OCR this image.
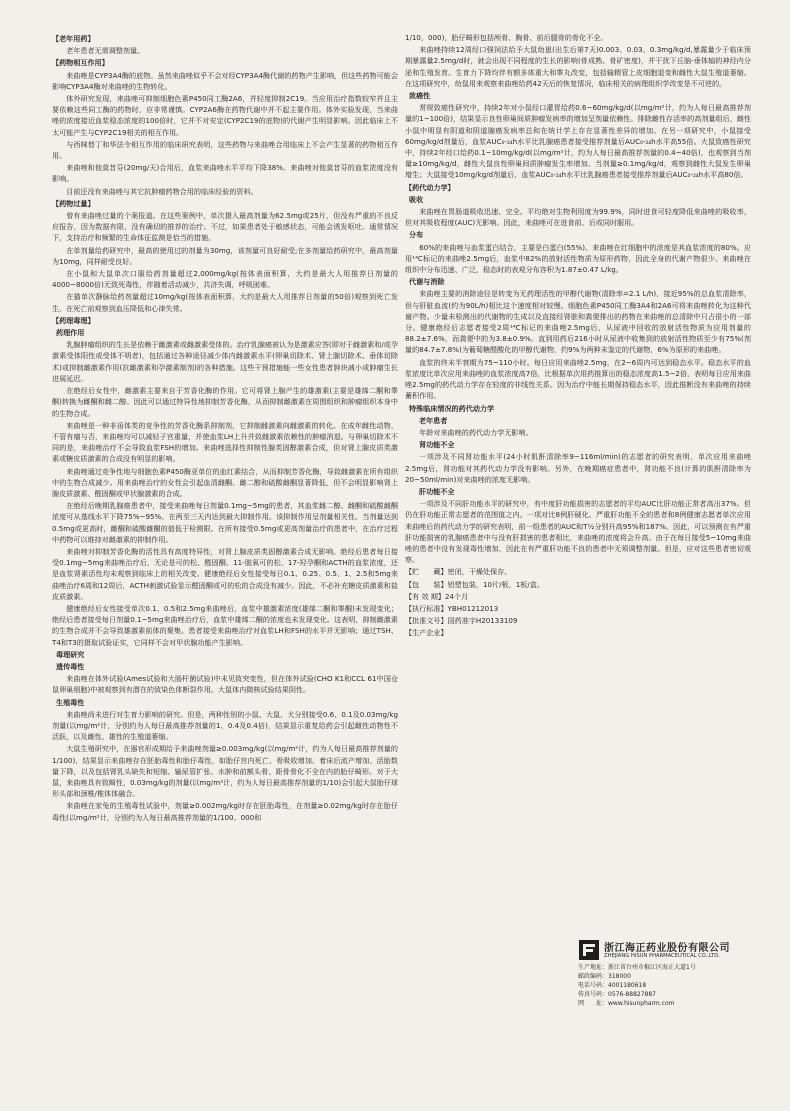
【老年用药】
老年患者无需调整剂量。
【药物相互作用】
来曲唑是CYP3A4酶的底物。虽然来曲唑似乎不会对经CYP3A4酶代谢的药物产生影响，但这些药物可能会影响CYP3A4酶对来曲唑的生物转化。
体外研究发现，来曲唑可抑制细胞色素P450同工酶2A6，并轻度抑制2C19。当应用治疗指数较窄并且主要依赖这些同工酶的药物时，应非常谨慎。CYP2A6酶在药物代谢中并不起主要作用。体外实验发现，当来曲唑的浓度接近血浆稳态浓度的100倍时，它并不对安定(CYP2C19的底物)的代谢产生明显影响。因此临床上不太可能产生与CYP2C19相关的相互作用。
与西咪替丁和华法令相互作用的临床研究表明，这些药物与来曲唑合用临床上不会产生显著的药物相互作用。
来曲唑和他莫昔芬(20mg/天)合用后，血浆来曲唑水平平均下降38%。来曲唑对他莫昔芬的血浆浓度没有影响。
目前还没有来曲唑与其它抗肿瘤药物合用的临床经验的资料。
【药物过量】
曾有来曲唑过量的个案报道。在这些案例中，单次摄入最高剂量为62.5mg或25片，但没有严重的不良反应报告，因为数据有限，没有确切的推荐的治疗。不过，如果患者处于敏感状态，可能会诱发呕吐。通常情况下，支持治疗和频繁的生命体征监测是恰当的措施。
在单剂量给药研究中，最高的使用过的剂量为30mg，该剂量可良好耐受;在多剂量给药研究中，最高剂量为10mg，同样耐受良好。
在小鼠和大鼠单次口服给药剂量超过2,000mg/kg(按体表面积算，大约是最大人用推荐日剂量的4000~8000倍)无致死毒性，伴随着活动减少，共济失调，呼吸困难。
在猫单次静脉给药剂量超过10mg/kg(按体表面积算，大约是最大人用推荐日剂量的50倍)观察到死亡发生，在死亡前观察到血压降低和心律失常。
【药理毒理】
药理作用
乳腺肿瘤组织的生长是依赖于雌激素或雌激素受体的。治疗乳腺癌被认为是激素应答(即对于雌激素和/或孕激素受体阳性或受体不明者)，包括通过各种途径减少体内雌激素水平(卵巢切除术、肾上腺切除术、垂体切除术)或抑制雌激素作用(抗雌激素和孕激素制剂)的各种措施。这些干预措施能一些女性患者肿块减小或肿瘤生长进展延迟。
在绝经后女性中，雌激素主要来自于芳香化酶的作用。它可将肾上腺产生的雄激素(主要是雄烯二酮和睾酮)转换为雌酮和雌二醇。因此可以通过特异性地抑制芳香化酶，从而抑制雌激素在周围组织和肿瘤组织本身中的生物合成。
来曲唑是一种非甾体类的竞争性的芳香化酶系抑制剂，它抑制雌激素向雌激素的转化。在成年雌性动物，不管有瘤与否，来曲唑均可以减轻子宫重量，并使血浆LH上升并致雌激素依赖性的肿瘤消退。与卵巢切除术不同的是，来曲唑治疗不会导致血浆FSH的增加。来曲唑选择性抑制性腺类固醇激素合成，但对肾上腺皮质类激素或糖皮质激素的合成没有明显的影响。
来曲唑通过竞争性地与细胞色素P450酶亚单位的血红素结合，从而抑制芳香化酶，导致雌激素在所有组织中的生物合成减少。用来曲唑治疗的女性会引起血清雌酮、雌二醇和硫酸雌酮显著降低，但不会明显影响肾上腺皮质激素、醛固酮或甲状腺激素的合成。
在绝经后晚期乳腺癌患者中，接受来曲唑每日剂量0.1mg~5mg的患者，其血浆雌二醇、雌酮和硫酸雌酮浓度可从基线水平下降75%~95%。在两至三天内达到最大抑制作用。该抑制作用呈剂量相关性。当剂量达到0.5mg或更高时，雌酮和硫酸雌酮的值低于检测限。在所有接受0.5mg或更高剂量治疗的患者中，在治疗过程中药物可以维持对雌激素的抑制作用。
来曲唑对抑制芳香化酶的活性具有高度特异性，对肾上腺皮质类固醇激素合成无影响。绝经后患者每日接受0.1mg~5mg来曲唑治疗后，无论是可的松、醛固酮、11-脱氧可的松、17-羟孕酮和ACTH的血浆浓度，还是血浆肾素活性均未观察到临床上的相关改变。健康绝经后女性接受每日0.1、0.25、0.5、1、2.5和5mg来曲唑治疗6周和12周后，ACTH刺激试验显示醛固酮或可的松的合成没有减少。因此，不必补充糖皮质激素和盐皮质激素。
健康绝经后女性接受单次0.1、0.5和2.5mg来曲唑后，血浆中雄激素浓度(雄烯二酮和睾酮)未发现变化；绝经后患者接受每日剂量0.1~5mg来曲唑治疗后，血浆中雄烯二酮的浓度也未发现变化。这表明，抑制雌激素的生物合成并不会导致雄激素前体的聚集。患者接受来曲唑治疗对血浆LH和FSH的水平并无影响；通过TSH、T4和T3的摄取试验证实，它同样不会对甲状腺功能产生影响。
毒理研究
遗传毒性
来曲唑在体外试验(Ames试验和大肠杆菌试验)中未见致突变性，但在体外试验(CHO K1和CCL 61中国仓鼠卵巢细胞)中被观察到有潜在的致染色体断裂作用。大鼠体内微核试验结果阴性。
生殖毒性
来曲唑尚未进行对生育力影响的研究。但是，两种性别的小鼠、大鼠、犬分别接受0.6、0.1及0.03mg/kg剂量(以mg/m²计，分别约为人每日最高推荐剂量的1、0.4及0.4倍)，结果显示重复给药会引起雌性动物性不活跃，以及雌性、雄性的生殖道萎缩。
大鼠生殖研究中，在器官形成期给予来曲唑剂量≥0.003mg/kg(以mg/m²计，约为人每日最高推荐剂量的1/100)，结果显示来曲唑存在胚胎毒性和胎仔毒性，如胎仔宫内死亡、骨吸收增加、着床后流产增加、活胎数量下降，以及包括肾乳头缺失和短缩、输尿管扩张、水肿和前额头骨、距骨骨化不全在内的胎仔畸形。对于大鼠，来曲唑具有致畸性，0.03mg/kg的剂量(以mg/m²计，约为人每日最高推荐剂量的1/10)会引起大鼠胎仔球形头部和颈椎/椎体体融合。
来曲唑在家兔的生殖毒性试验中，剂量≥0.002mg/kg时存在胚胎毒性，在剂量≥0.02mg/kg时存在胎仔毒性(以mg/m²计，分别约为人每日最高推荐剂量的1/100、000和
1/10，000)，胎仔畸形包括颅骨、胸骨、前后腿骨的骨化不全。
来曲唑持续12周经口强饲法给予大鼠幼崽(出生后第7天)0.003、0.03、0.3mg/kg/d,暴露量少于临床预期暴露量2.5mg/d时，就会出现不同程度的生长的影响(骨成熟、骨矿密度)，并干扰下丘脑-垂体轴的神经内分泌和生殖发育。生育力下降均伴有额多体重大和睾丸改变，包括输精管上皮细胞退变和雌性大鼠生殖道萎缩。在这项研究中，幼鼠用来观察来曲唑给药42天后的恢复情况，临床相关的病理组织学改变是不可逆的。
致癌性
常规致癌性研究中，持续2年对小鼠经口灌胃给药0.6~60mg/kg/d(以mg/m²计，约为人每日最高推荐剂量的1~100倍)，结果显示良性卵巢间质肿瘤发病率的增加呈剂量依赖性。排除雌性存活率的高剂量组后，雌性小鼠中明显有阴道和阴道腺癌发病率总和在统计学上存在显著性差异的增加。在另一项研究中，小鼠接受60mg/kg/d剂量后，血浆AUC₀-₂₄h水平比乳腺癌患者接受推荐剂量后AUC₀-₂₄h水平高55倍。大鼠致癌性研究中，持续2年经口给药0.1~10mg/kg/d(以mg/m²计，约为人每日最高推荐剂量的0.4~40倍)，也观察到当剂量≥10mg/kg/d，雌性大鼠良性卵巢间质肿瘤发生率增加。当剂量≥0.1mg/kg/d，观察到雌性大鼠发生卵巢增生；大鼠接受10mg/kg/d剂量后，血浆AUC₀-₂₄h水平比乳腺癌患者接受推荐剂量后AUC₀-₂₄h水平高80倍。
【药代动力学】
吸收
来曲唑在胃肠道吸收迅速、完全。平均绝对生物利用度为99.9%，同时进食可轻度降低来曲唑的吸收率，但对其吸收程度(AUC)无影响。因此，来曲唑可在进食前、后或同时服用。
分布
60%的来曲唑与血浆蛋白结合，主要是白蛋白(55%)。来曲唑在红细胞中的浓度是其血浆浓度的80%。应用¹⁴C标记的来曲唑2.5mg后，血浆中82%的放射活性物质为原形药物，因此全身的代谢产物很少。来曲唑在组织中分布迅速、广泛，稳态时的表观分布容积为1.87±0.47 L/kg。
代谢与消除
来曲唑主要的消除途径是转变为无药理活性的甲醇代谢物(清除率=2.1 L/h)，接近95%的总血浆清除率，但与肝脏血流(约为90L/h)相比这个速度相对较慢。细胞色素P450同工酶3A4和2A6可将来曲唑转化为这种代谢产物。少量未检测出的代谢物的生成以及直接经肾脏和粪便排出的药物在来曲唑的总清除中只占很小的一部分。健康绝经后志愿者接受2周¹⁴C标记的来曲唑2.5mg后，从尿液中回收的放射活性物质为应用剂量的88.2±7.6%，而粪便中的为3.8±0.9%。直到用药后216小时从尿液中收集到的放射活性物质至少有75%(剂量的84.7±7.8%)为葡萄糖醛酸化的甲醇代谢物，约9%为两种未鉴定的代谢物，6%为原形的来曲唑。
血浆的终末半衰期为75~110小时。每日应用来曲唑2.5mg，在2~6周内可达到稳态水平。稳态水平的血浆浓度比单次应用来曲唑的血浆浓度高7倍，比根据单次用药推算出的稳态浓度高1.5~2倍，表明每日应用来曲唑2.5mg的药代动力学存在轻度的非线性关系。因为治疗中能长期保持稳态水平，因此推断没有来曲唑的持续蓄积作用。
特殊临床情况的药代动力学
老年患者
年龄对来曲唑的药代动力学无影响。
肾功能不全
一项涉及不同肾功能水平(24小时肌酐清除率9~116ml/min)的志愿者的研究表明，单次应用来曲唑2.5mg后，肾功能对其药代动力学没有影响。另外，在晚期癌症患者中，肾功能不良(计算的肌酐清除率为20~50ml/min)对来曲唑的浓度无影响。
肝功能不全
一项涉及不同肝功能水平的研究中，有中度肝功能损害的志愿者的平均AUC比肝功能正常者高出37%。但仍在肝功能正常志愿者的范围值之内。一项对比8例肝硬化、严重肝功能不全的患者和8例健康志愿者单次应用来曲唑后的药代动力学的研究表明，前一组患者的AUC和T½分别升高95%和187%。因此，可以预测在有严重肝功能损害的乳腺癌患者中与没有肝损害的患者相比，来曲唑的浓度将会升高。由于在每日接受5~10mg来曲唑的患者中没有发现毒性增加，因此在有严重肝功能不良的患者中无须调整剂量。但是，应对这些患者密切观察。
【贮　　藏】密闭，干燥处保存。
【包　　装】铝塑包装，10片/板，1板/盒。
【有 效 期】24个月
【执行标准】YBH01212013
【批准文号】国药准字H20133109
【生产企业】
浙江海正药业股份有限公司
ZHEJIANG HISUN PHARMACEUTICAL CO.,LTD.
生产地址：浙江省台州市椒江区海正大道1号
邮政编码：318000
电话号码：4001180618
传真号码：0576-88827887
网　　址：www.hisunpharm.com
